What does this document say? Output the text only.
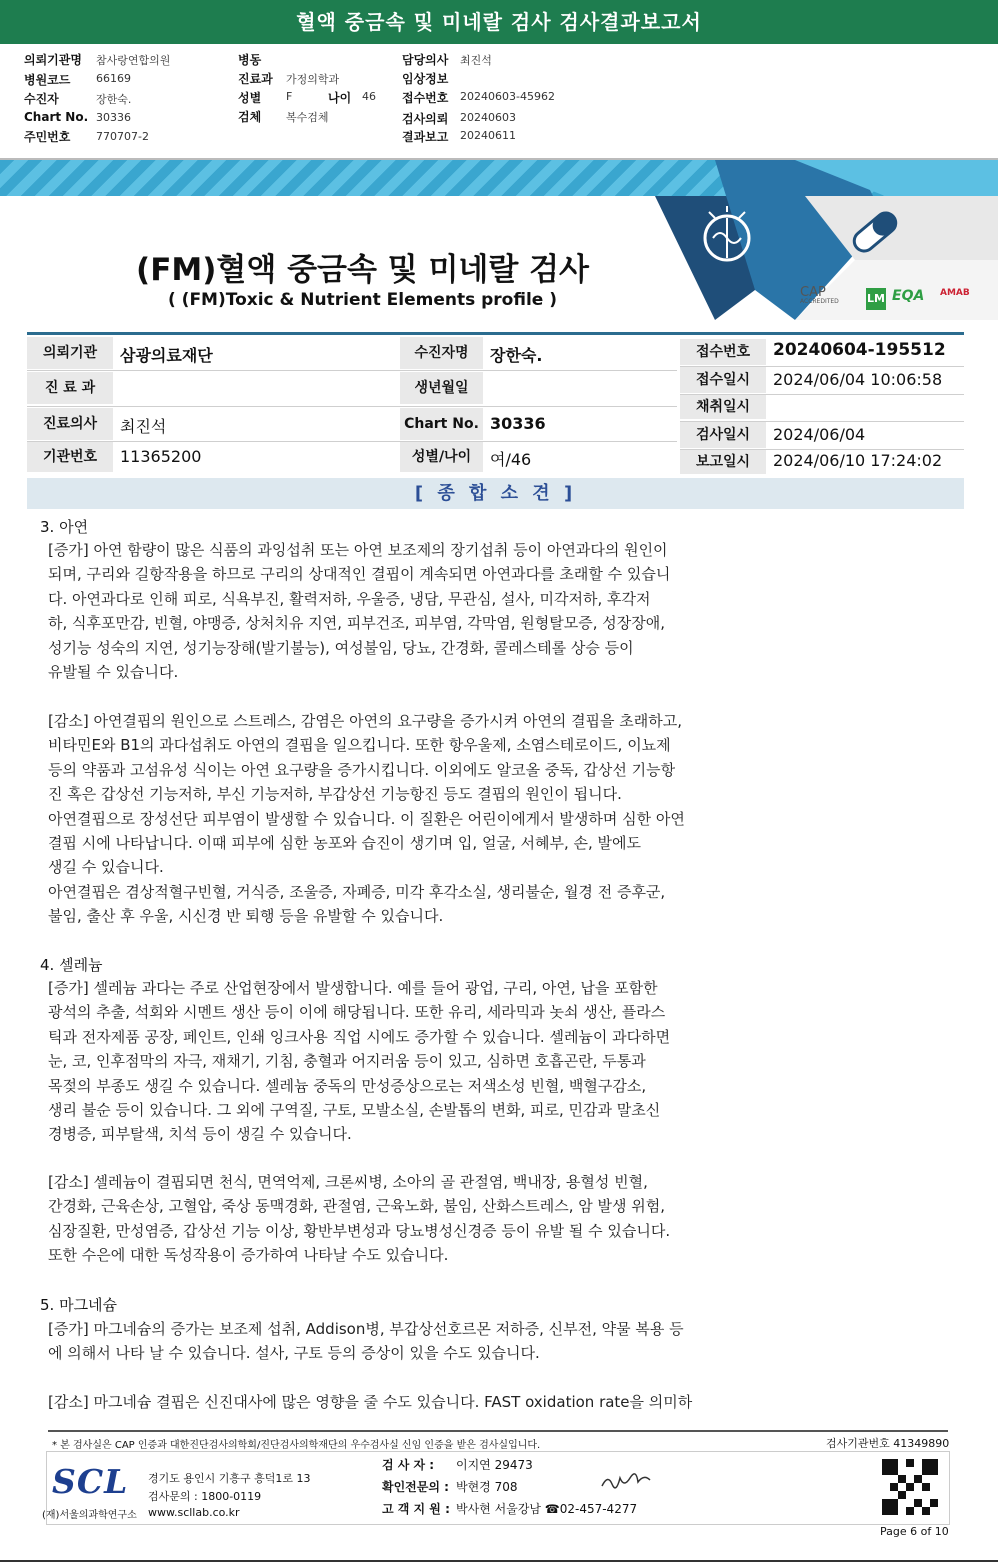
혈액 중금속 및 미네랄 검사 검사결과보고서
의뢰기관명 참사랑연합의원
병원코드 66169
수진자	장한숙.
Chart No. 30336
주민번호 770707-2
병동
진료과 가정의학과
성별 F	나이 46
검체 복수검체
담당의사 최진석
임상정보
접수번호 20240603-45962
검사의뢰 20240603
결과보고 20240611
CAP
ACCREDITED	LM EQA AMAB
(FM)혈액 중금속 및 미네랄 검사
( (FM)Toxic & Nutrient Elements profile )
의뢰기관	삼광의료재단
진 료 과
진료의사	최진석
기관번호	11365200
수진자명	장한숙.
생년월일
Chart No. 30336
성별/나이	여/46
접수번호	20240604-195512
접수일시	2024/06/04 10:06:58
채취일시
검사일시	2024/06/04
보고일시	2024/06/10 17:24:02
[ 종 합 소 견 ]
3. 아연
[증가] 아연 함량이 많은 식품의 과잉섭취 또는 아연 보조제의 장기섭취 등이 아연과다의 원인이
되며, 구리와 길항작용을 하므로 구리의 상대적인 결핍이 계속되면 아연과다를 초래할 수 있습니
다. 아연과다로 인해 피로, 식욕부진, 활력저하, 우울증, 냉담, 무관심, 설사, 미각저하, 후각저
하, 식후포만감, 빈혈, 야맹증, 상처치유 지연, 피부건조, 피부염, 각막염, 원형탈모증, 성장장애,
성기능 성숙의 지연, 성기능장해(발기불능), 여성불임, 당뇨, 간경화, 콜레스테롤 상승 등이
유발될 수 있습니다.
[감소] 아연결핍의 원인으로 스트레스, 감염은 아연의 요구량을 증가시켜 아연의 결핍을 초래하고,
비타민E와 B1의 과다섭취도 아연의 결핍을 일으킵니다. 또한 항우울제, 소염스테로이드, 이뇨제
등의 약품과 고섬유성 식이는 아연 요구량을 증가시킵니다. 이외에도 알코올 중독, 갑상선 기능항
진 혹은 갑상선 기능저하, 부신 기능저하, 부갑상선 기능항진 등도 결핍의 원인이 됩니다.
아연결핍으로 장성선단 피부염이 발생할 수 있습니다. 이 질환은 어린이에게서 발생하며 심한 아연
결핍 시에 나타납니다. 이때 피부에 심한 농포와 습진이 생기며 입, 얼굴, 서혜부, 손, 발에도
생길 수 있습니다.
아연결핍은 겸상적혈구빈혈, 거식증, 조울증, 자폐증, 미각 후각소실, 생리불순, 월경 전 증후군,
불임, 출산 후 우울, 시신경 반 퇴행 등을 유발할 수 있습니다.
4. 셀레늄
[증가] 셀레늄 과다는 주로 산업현장에서 발생합니다. 예를 들어 광업, 구리, 아연, 납을 포함한
광석의 추출, 석회와 시멘트 생산 등이 이에 해당됩니다. 또한 유리, 세라믹과 놋쇠 생산, 플라스
틱과 전자제품 공장, 페인트, 인쇄 잉크사용 직업 시에도 증가할 수 있습니다. 셀레늄이 과다하면
눈, 코, 인후점막의 자극, 재채기, 기침, 충혈과 어지러움 등이 있고, 심하면 호흡곤란, 두통과
목젖의 부종도 생길 수 있습니다. 셀레늄 중독의 만성증상으로는 저색소성 빈혈, 백혈구감소,
생리 불순 등이 있습니다. 그 외에 구역질, 구토, 모발소실, 손발톱의 변화, 피로, 민감과 말초신
경병증, 피부탈색, 치석 등이 생길 수 있습니다.
[감소] 셀레늄이 결핍되면 천식, 면역억제, 크론씨병, 소아의 골 관절염, 백내장, 용혈성 빈혈,
간경화, 근육손상, 고혈압, 죽상 동맥경화, 관절염, 근육노화, 불임, 산화스트레스, 암 발생 위험,
심장질환, 만성염증, 갑상선 기능 이상, 황반부변성과 당뇨병성신경증 등이 유발 될 수 있습니다.
또한 수은에 대한 독성작용이 증가하여 나타날 수도 있습니다.
5. 마그네슘
[증가] 마그네슘의 증가는 보조제 섭취, Addison병, 부갑상선호르몬 저하증, 신부전, 약물 복용 등
에 의해서 나타 날 수 있습니다. 설사, 구토 등의 증상이 있을 수도 있습니다.
[감소] 마그네슘 결핍은 신진대사에 많은 영향을 줄 수도 있습니다. FAST oxidation rate을 의미하
* 본 검사실은 CAP 인증과 대한진단검사의학회/진단검사의학재단의 우수검사실 신임 인증을 받은 검사실입니다.	검사기관번호 41349890
SCL
(재)서울의과학연구소
경기도 용인시 기흥구 흥덕1로 13
검사문의 : 1800-0119
www.scllab.co.kr
검 사 자 : 이지연 29473
확인전문의 : 박현경 708
고 객 지 원 : 박사현 서울강남 ☎02-457-4277
Page 6 of 10
